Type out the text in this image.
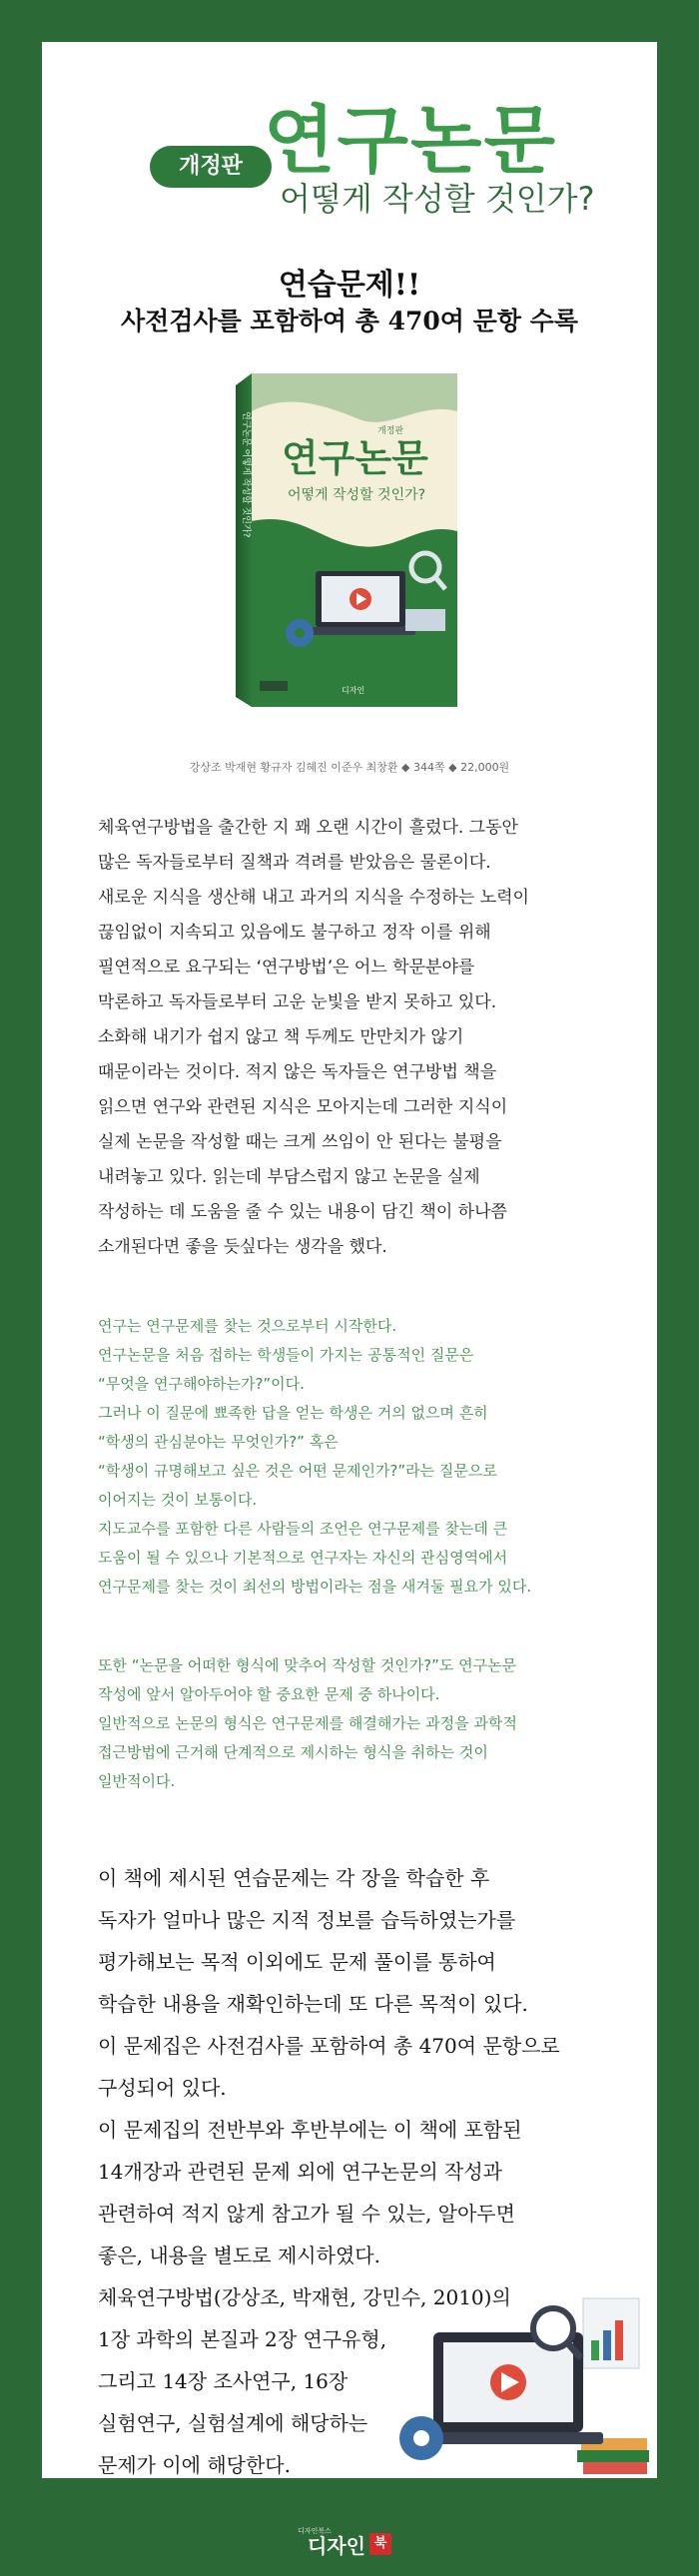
개정판 연구논문
어떻게 작성할 것인가?
연습문제!!
사전검사를 포함하여 총 470여 문항 수록
개정판
연구논문
어떻게 작성할 것인가?
연구논문 어떻게 작성할 것인가?
디자인
강상조 박재현 황규자 김혜진 이준우 최창환 ◆ 344쪽 ◆ 22,000원
체육연구방법을 출간한 지 꽤 오랜 시간이 흘렀다. 그동안
많은 독자들로부터 질책과 격려를 받았음은 물론이다.
새로운 지식을 생산해 내고 과거의 지식을 수정하는 노력이
끊임없이 지속되고 있음에도 불구하고 정작 이를 위해
필연적으로 요구되는 ‘연구방법’은 어느 학문분야를
막론하고 독자들로부터 고운 눈빛을 받지 못하고 있다.
소화해 내기가 쉽지 않고 책 두께도 만만치가 않기
때문이라는 것이다. 적지 않은 독자들은 연구방법 책을
읽으면 연구와 관련된 지식은 모아지는데 그러한 지식이
실제 논문을 작성할 때는 크게 쓰임이 안 된다는 불평을
내려놓고 있다. 읽는데 부담스럽지 않고 논문을 실제
작성하는 데 도움을 줄 수 있는 내용이 담긴 책이 하나쯤
소개된다면 좋을 듯싶다는 생각을 했다.
연구는 연구문제를 찾는 것으로부터 시작한다.
연구논문을 처음 접하는 학생들이 가지는 공통적인 질문은
“무엇을 연구해야하는가?”이다.
그러나 이 질문에 뾰족한 답을 얻는 학생은 거의 없으며 흔히
“학생의 관심분야는 무엇인가?” 혹은
“학생이 규명해보고 싶은 것은 어떤 문제인가?”라는 질문으로
이어지는 것이 보통이다.
지도교수를 포함한 다른 사람들의 조언은 연구문제를 찾는데 큰
도움이 될 수 있으나 기본적으로 연구자는 자신의 관심영역에서
연구문제를 찾는 것이 최선의 방법이라는 점을 새겨둘 필요가 있다.
또한 “논문을 어떠한 형식에 맞추어 작성할 것인가?”도 연구논문
작성에 앞서 알아두어야 할 중요한 문제 중 하나이다.
일반적으로 논문의 형식은 연구문제를 해결해가는 과정을 과학적
접근방법에 근거해 단계적으로 제시하는 형식을 취하는 것이
일반적이다.
이 책에 제시된 연습문제는 각 장을 학습한 후
독자가 얼마나 많은 지적 정보를 습득하였는가를
평가해보는 목적 이외에도 문제 풀이를 통하여
학습한 내용을 재확인하는데 또 다른 목적이 있다.
이 문제집은 사전검사를 포함하여 총 470여 문항으로
구성되어 있다.
이 문제집의 전반부와 후반부에는 이 책에 포함된
14개장과 관련된 문제 외에 연구논문의 작성과
관련하여 적지 않게 참고가 될 수 있는, 알아두면
좋은, 내용을 별도로 제시하였다.
체육연구방법(강상조, 박재현, 강민수, 2010)의
1장 과학의 본질과 2장 연구유형,
그리고 14장 조사연구, 16장
실험연구, 실험설계에 해당하는
문제가 이에 해당한다.
디자인북스
디자인 북
